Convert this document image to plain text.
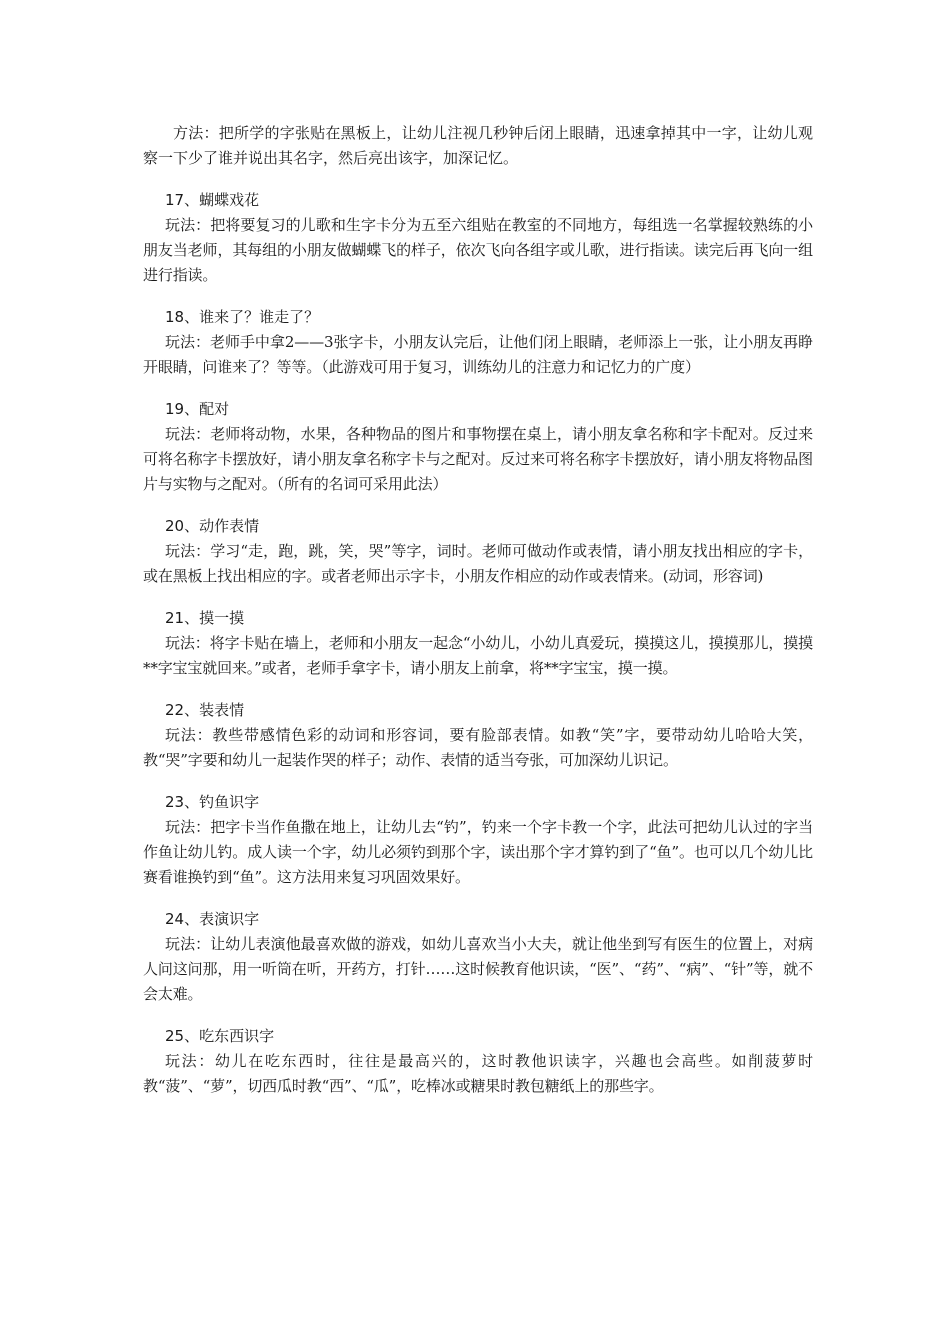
方法：把所学的字张贴在黑板上，让幼儿注视几秒钟后闭上眼睛，迅速拿掉其中一字，让幼儿观察一下少了谁并说出其名字，然后亮出该字，加深记忆。

17、蝴蝶戏花

玩法：把将要复习的儿歌和生字卡分为五至六组贴在教室的不同地方，每组选一名掌握较熟练的小朋友当老师，其每组的小朋友做蝴蝶飞的样子，依次飞向各组字或儿歌，进行指读。读完后再飞向一组进行指读。

18、谁来了？谁走了？

玩法：老师手中拿2——3张字卡，小朋友认完后，让他们闭上眼睛，老师添上一张，让小朋友再睁开眼睛，问谁来了？等等。（此游戏可用于复习，训练幼儿的注意力和记忆力的广度）

19、配对

玩法：老师将动物，水果，各种物品的图片和事物摆在桌上，请小朋友拿名称和字卡配对。反过来可将名称字卡摆放好，请小朋友拿名称字卡与之配对。反过来可将名称字卡摆放好，请小朋友将物品图片与实物与之配对。（所有的名词可采用此法）

20、动作表情

玩法：学习“走，跑，跳，笑，哭”等字，词时。老师可做动作或表情，请小朋友找出相应的字卡，或在黑板上找出相应的字。或者老师出示字卡，小朋友作相应的动作或表情来。(动词，形容词)

21、摸一摸

玩法：将字卡贴在墙上，老师和小朋友一起念“小幼儿，小幼儿真爱玩，摸摸这儿，摸摸那儿，摸摸**字宝宝就回来。”或者，老师手拿字卡，请小朋友上前拿，将**字宝宝，摸一摸。

22、装表情

玩法：教些带感情色彩的动词和形容词，要有脸部表情。如教“笑”字，要带动幼儿哈哈大笑，教“哭”字要和幼儿一起装作哭的样子；动作、表情的适当夸张，可加深幼儿识记。

23、钓鱼识字

玩法：把字卡当作鱼撒在地上，让幼儿去“钓”，钓来一个字卡教一个字，此法可把幼儿认过的字当作鱼让幼儿钓。成人读一个字，幼儿必须钓到那个字，读出那个字才算钓到了“鱼”。也可以几个幼儿比赛看谁换钓到“鱼”。这方法用来复习巩固效果好。

24、表演识字

玩法：让幼儿表演他最喜欢做的游戏，如幼儿喜欢当小大夫，就让他坐到写有医生的位置上，对病人问这问那，用一听筒在听，开药方，打针……这时候教育他识读，“医”、“药”、“病”、“针”等，就不会太难。

25、吃东西识字

玩法：幼儿在吃东西时，往往是最高兴的，这时教他识读字，兴趣也会高些。如削菠萝时教“菠”、“萝”，切西瓜时教“西”、“瓜”，吃棒冰或糖果时教包糖纸上的那些字。
